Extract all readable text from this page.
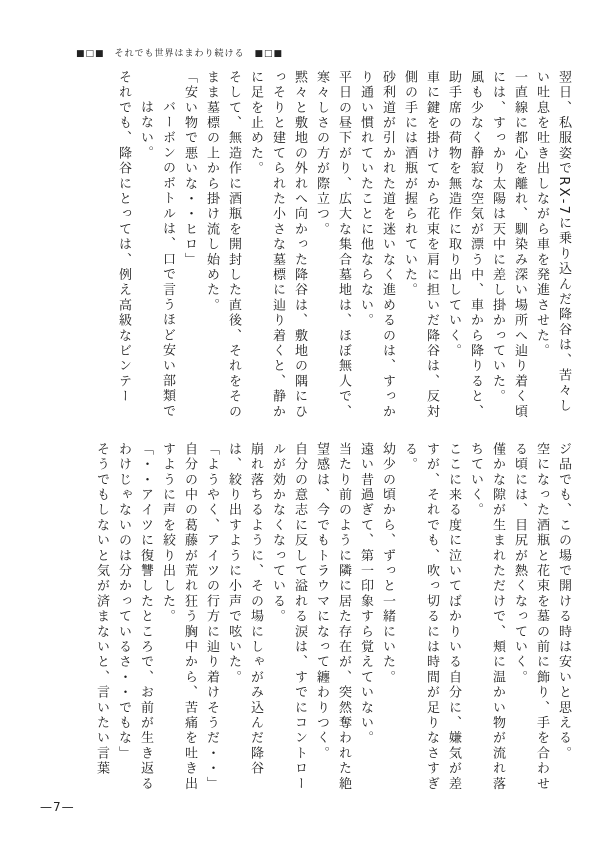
■□■　それでも世界はまわり続ける　■□■

翌日、私服姿でRX‐7に乗り込んだ降谷は、苦々しい吐息を吐き出しながら車を発進させた。

一直線に都心を離れ、馴染み深い場所へ辿り着く頃には、すっかり太陽は天中に差し掛かっていた。

風も少なく静寂な空気が漂う中、車から降りると、助手席の荷物を無造作に取り出していく。

車に鍵を掛けてから花束を肩に担いだ降谷は、反対側の手には酒瓶が握られていた。

砂利道が引かれた道を迷いなく進めるのは、すっかり通い慣れていたことに他ならない。

平日の昼下がり、広大な集合墓地は、ほぼ無人で、寒々しさの方が際立つ。

黙々と敷地の外れへ向かった降谷は、敷地の隅にひっそりと建てられた小さな墓標に辿り着くと、静かに足を止めた。

そして、無造作に酒瓶を開封した直後、それをそのまま墓標の上から掛け流し始めた。

「安い物で悪いな・・ヒロ」

バーボンのボトルは、口で言うほど安い部類ではない。

それでも、降谷にとっては、例え高級なビンテー

ジ品でも、この場で開ける時は安いと思える。

空になった酒瓶と花束を墓の前に飾り、手を合わせる頃には、目尻が熱くなっていく。

僅かな隙が生まれただけで、頬に温かい物が流れ落ちていく。

ここに来る度に泣いてばかりいる自分に、嫌気が差すが、それでも、吹っ切るには時間が足りなさすぎる。

幼少の頃から、ずっと一緒にいた。

遠い昔過ぎて、第一印象すら覚えていない。

当たり前のように隣に居た存在が、突然奪われた絶望感は、今でもトラウマになって纏わりつく。

自分の意志に反して溢れる涙は、すでにコントロールが効かなくなっている。

崩れ落ちるように、その場にしゃがみ込んだ降谷は、絞り出すように小声で呟いた。

「ようやく、アイツの行方に辿り着けそうだ・・」

自分の中の葛藤が荒れ狂う胸中から、苦痛を吐き出すように声を絞り出した。

「・・アイツに復讐したところで、お前が生き返るわけじゃないのは分かっているさ・・でもな」

そうでもしないと気が済まないと、言いたい言葉

—7—
